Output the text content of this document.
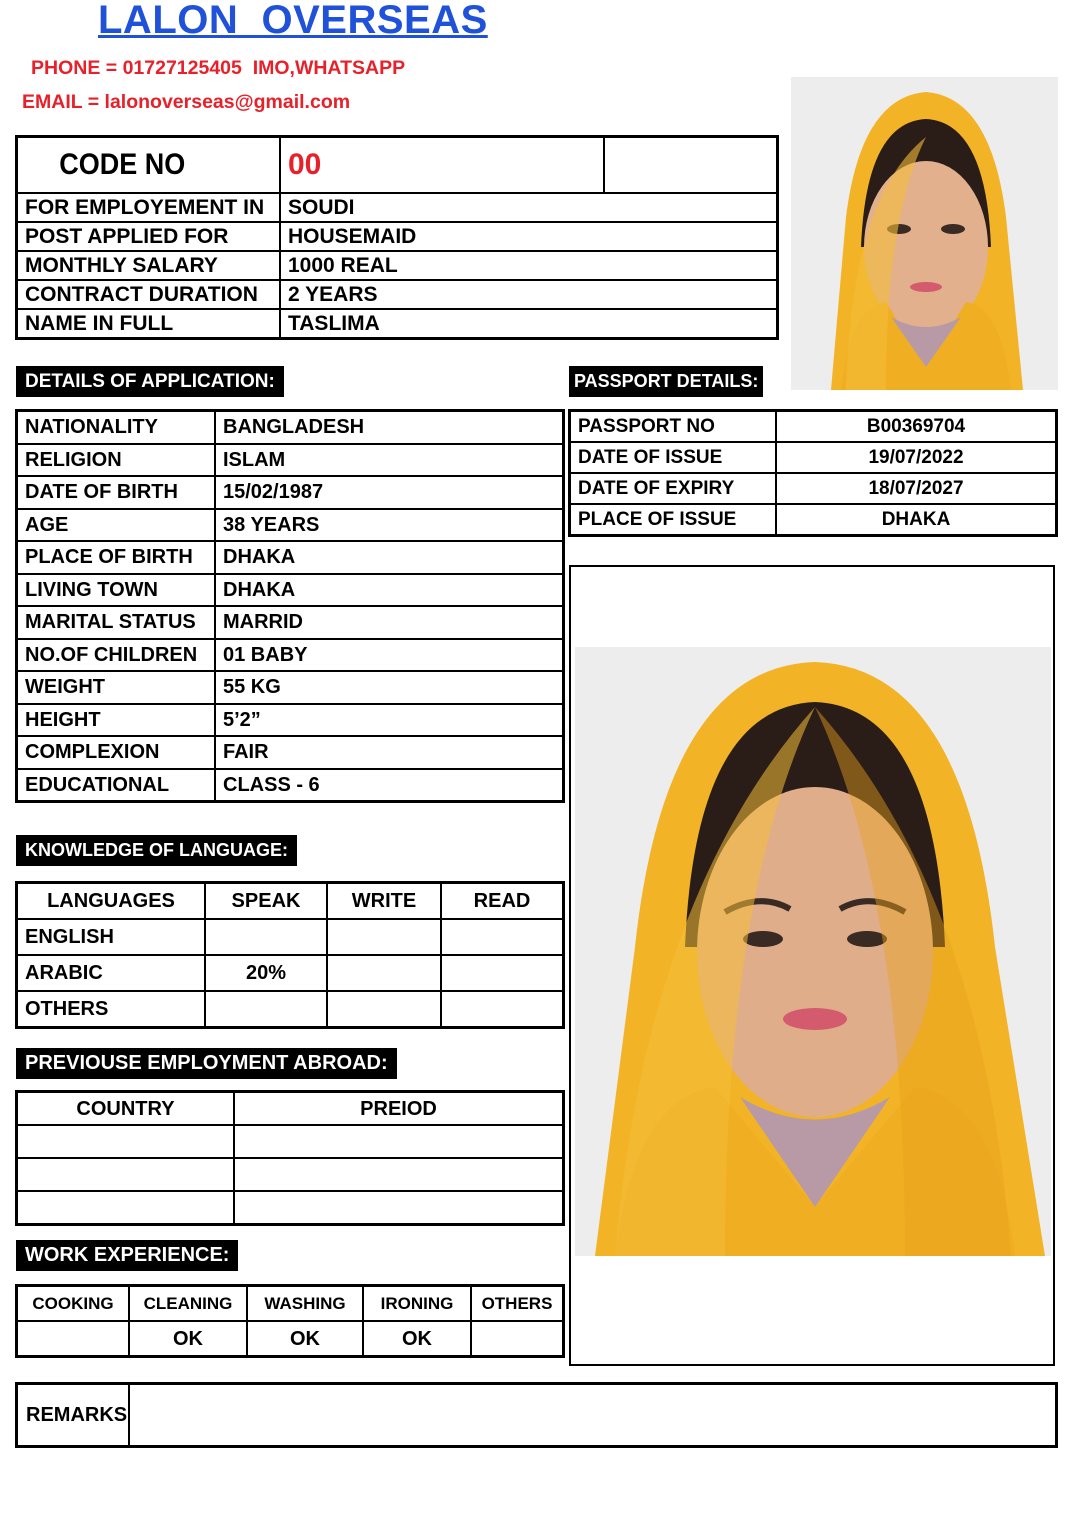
LALON  OVERSEAS
PHONE = 01727125405  IMO,WHATSAPP
EMAIL = lalonoverseas@gmail.com
CODE NO	00	
FOR EMPLOYEMENT IN	SOUDI	
POST APPLIED FOR	HOUSEMAID	
MONTHLY SALARY	1000 REAL	
CONTRACT DURATION	2 YEARS	
NAME IN FULL	TASLIMA	
DETAILS OF APPLICATION:
NATIONALITY	BANGLADESH
RELIGION	ISLAM
DATE OF BIRTH	15/02/1987
AGE	38 YEARS
PLACE OF BIRTH	DHAKA
LIVING TOWN	DHAKA
MARITAL STATUS	MARRID
NO.OF CHILDREN	01 BABY
WEIGHT	55 KG
HEIGHT	5’2”
COMPLEXION	FAIR
EDUCATIONAL	CLASS - 6
PASSPORT DETAILS:
PASSPORT NO	B00369704
DATE OF ISSUE	19/07/2022
DATE OF EXPIRY	18/07/2027
PLACE OF ISSUE	DHAKA
KNOWLEDGE OF LANGUAGE:
LANGUAGES	SPEAK	WRITE	READ
ENGLISH			
ARABIC	20%		
OTHERS			
PREVIOUSE EMPLOYMENT ABROAD:
COUNTRY	PREIOD

WORK EXPERIENCE:
COOKING	CLEANING	WASHING	IRONING	OTHERS
	OK	OK	OK	
REMARKS	
